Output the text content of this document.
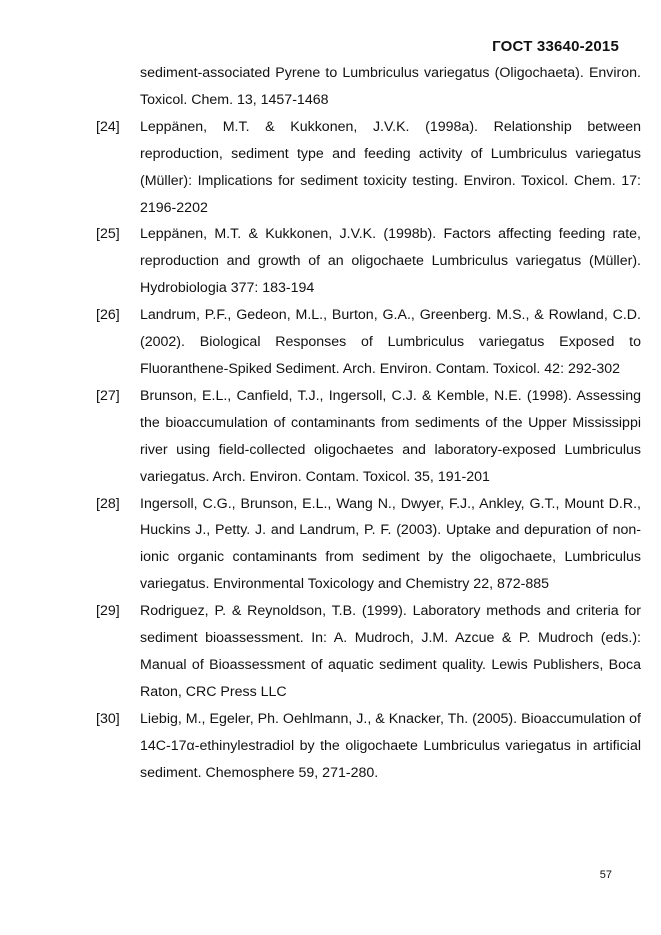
ГОСТ 33640-2015
sediment-associated Pyrene to Lumbriculus variegatus (Oligochaeta). Environ. Toxicol. Chem. 13, 1457-1468
[24]	Leppänen, M.T. & Kukkonen, J.V.K. (1998a). Relationship between reproduction, sediment type and feeding activity of Lumbriculus variegatus (Müller): Implications for sediment toxicity testing. Environ. Toxicol. Chem. 17: 2196-2202
[25]	Leppänen, M.T. & Kukkonen, J.V.K. (1998b). Factors affecting feeding rate, reproduction and growth of an oligochaete Lumbriculus variegatus (Müller). Hydrobiologia 377: 183-194
[26]	Landrum, P.F., Gedeon, M.L., Burton, G.A., Greenberg. M.S., & Rowland, C.D. (2002). Biological Responses of Lumbriculus variegatus Exposed to Fluoranthene-Spiked Sediment. Arch. Environ. Contam. Toxicol. 42: 292-302
[27]	Brunson, E.L., Canfield, T.J., Ingersoll, C.J. & Kemble, N.E. (1998). Assessing the bioaccumulation of contaminants from sediments of the Upper Mississippi river using field-collected oligochaetes and laboratory-exposed Lumbriculus variegatus. Arch. Environ. Contam. Toxicol. 35, 191-201
[28]	Ingersoll, C.G., Brunson, E.L., Wang N., Dwyer, F.J., Ankley, G.T., Mount D.R., Huckins J., Petty. J. and Landrum, P. F. (2003). Uptake and depuration of non-ionic organic contaminants from sediment by the oligochaete, Lumbriculus variegatus. Environmental Toxicology and Chemistry 22, 872-885
[29]	Rodriguez, P. & Reynoldson, T.B. (1999). Laboratory methods and criteria for sediment bioassessment. In: A. Mudroch, J.M. Azcue & P. Mudroch (eds.): Manual of Bioassessment of aquatic sediment quality. Lewis Publishers, Boca Raton, CRC Press LLC
[30]	Liebig, M., Egeler, Ph. Oehlmann, J., & Knacker, Th. (2005). Bioaccumulation of 14C-17α-ethinylestradiol by the oligochaete Lumbriculus variegatus in artificial sediment. Chemosphere 59, 271-280.
57
